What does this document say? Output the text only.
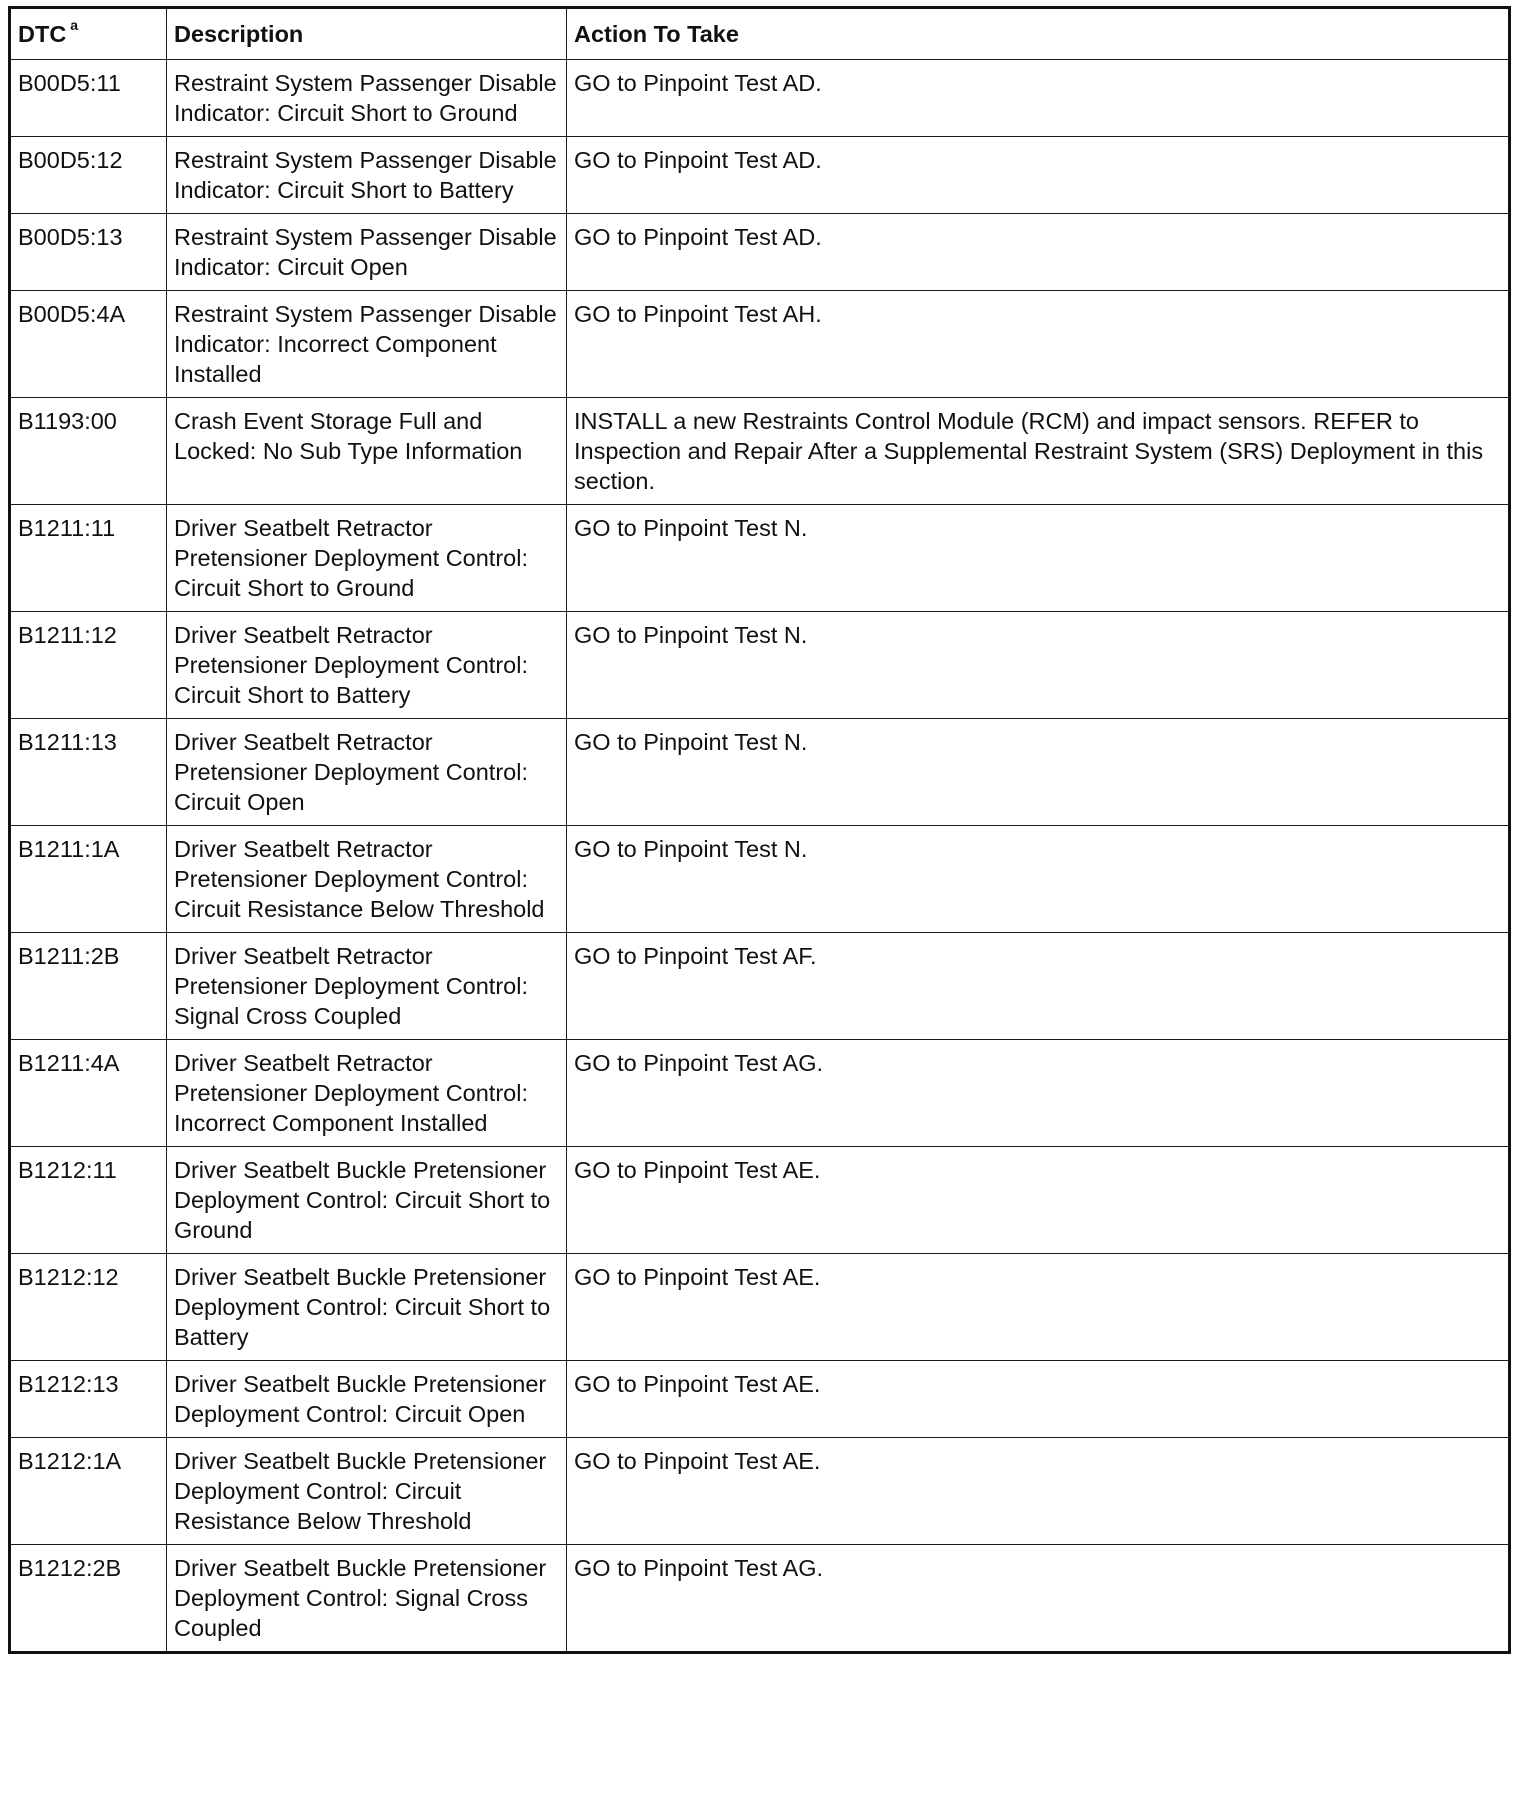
DTC $^a$	Description	Action To Take
B00D5:11	Restraint System Passenger Disable Indicator: Circuit Short to Ground	GO to Pinpoint Test AD.
B00D5:12	Restraint System Passenger Disable Indicator: Circuit Short to Battery	GO to Pinpoint Test AD.
B00D5:13	Restraint System Passenger Disable Indicator: Circuit Open	GO to Pinpoint Test AD.
B00D5:4A	Restraint System Passenger Disable Indicator: Incorrect Component Installed	GO to Pinpoint Test AH.
B1193:00	Crash Event Storage Full and Locked: No Sub Type Information	INSTALL a new Restraints Control Module (RCM) and impact sensors. REFER to Inspection and Repair After a Supplemental Restraint System (SRS) Deployment in this section.
B1211:11	Driver Seatbelt Retractor Pretensioner Deployment Control: Circuit Short to Ground	GO to Pinpoint Test N.
B1211:12	Driver Seatbelt Retractor Pretensioner Deployment Control: Circuit Short to Battery	GO to Pinpoint Test N.
B1211:13	Driver Seatbelt Retractor Pretensioner Deployment Control: Circuit Open	GO to Pinpoint Test N.
B1211:1A	Driver Seatbelt Retractor Pretensioner Deployment Control: Circuit Resistance Below Threshold	GO to Pinpoint Test N.
B1211:2B	Driver Seatbelt Retractor Pretensioner Deployment Control: Signal Cross Coupled	GO to Pinpoint Test AF.
B1211:4A	Driver Seatbelt Retractor Pretensioner Deployment Control: Incorrect Component Installed	GO to Pinpoint Test AG.
B1212:11	Driver Seatbelt Buckle Pretensioner Deployment Control: Circuit Short to Ground	GO to Pinpoint Test AE.
B1212:12	Driver Seatbelt Buckle Pretensioner Deployment Control: Circuit Short to Battery	GO to Pinpoint Test AE.
B1212:13	Driver Seatbelt Buckle Pretensioner Deployment Control: Circuit Open	GO to Pinpoint Test AE.
B1212:1A	Driver Seatbelt Buckle Pretensioner Deployment Control: Circuit Resistance Below Threshold	GO to Pinpoint Test AE.
B1212:2B	Driver Seatbelt Buckle Pretensioner Deployment Control: Signal Cross Coupled	GO to Pinpoint Test AG.
